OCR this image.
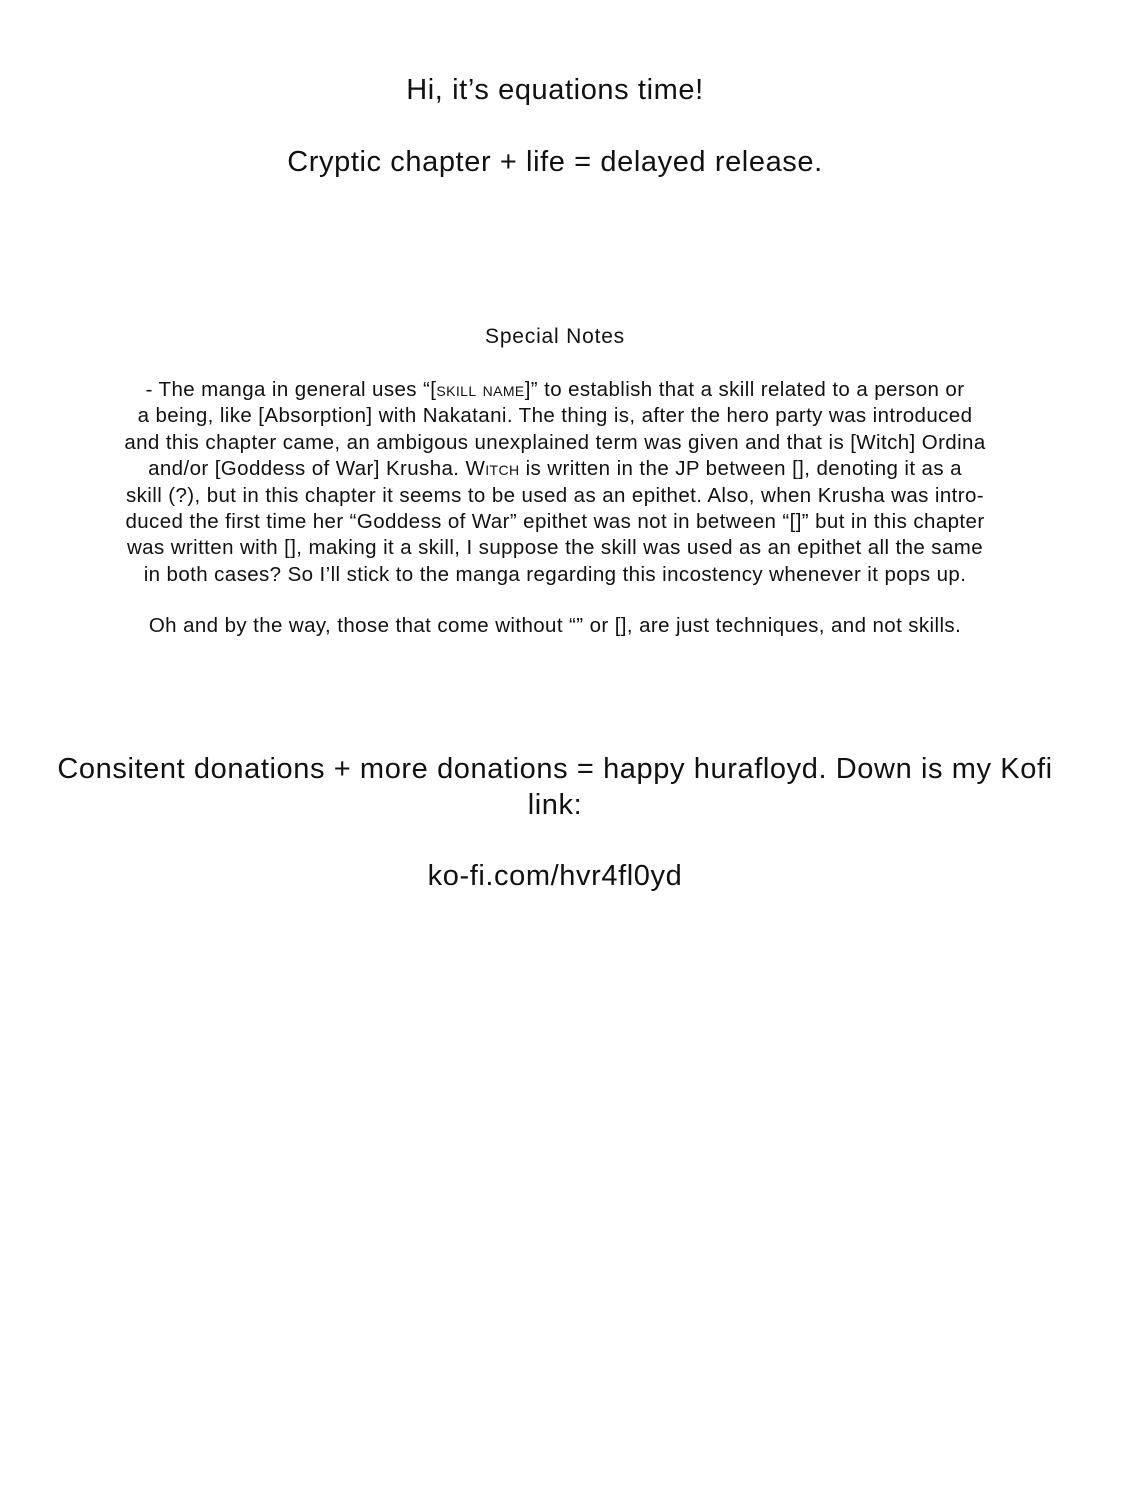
Hi, it’s equations time!
Cryptic chapter + life = delayed release.
Special Notes
- The manga in general uses “[skill name]” to establish that a skill related to a person or
a being, like [Absorption] with Nakatani. The thing is, after the hero party was introduced
and this chapter came, an ambigous unexplained term was given and that is [Witch] Ordina
and/or [Goddess of War] Krusha. Witch is written in the JP between [], denoting it as a
skill (?), but in this chapter it seems to be used as an epithet. Also, when Krusha was intro-
duced the first time her “Goddess of War” epithet was not in between “[]” but in this chapter
was written with [], making it a skill, I suppose the skill was used as an epithet all the same
in both cases? So I’ll stick to the manga regarding this incostency whenever it pops up.
Oh and by the way, those that come without “” or [], are just techniques, and not skills.
Consitent donations + more donations = happy hurafloyd. Down is my Kofi link:
ko-fi.com/hvr4fl0yd
